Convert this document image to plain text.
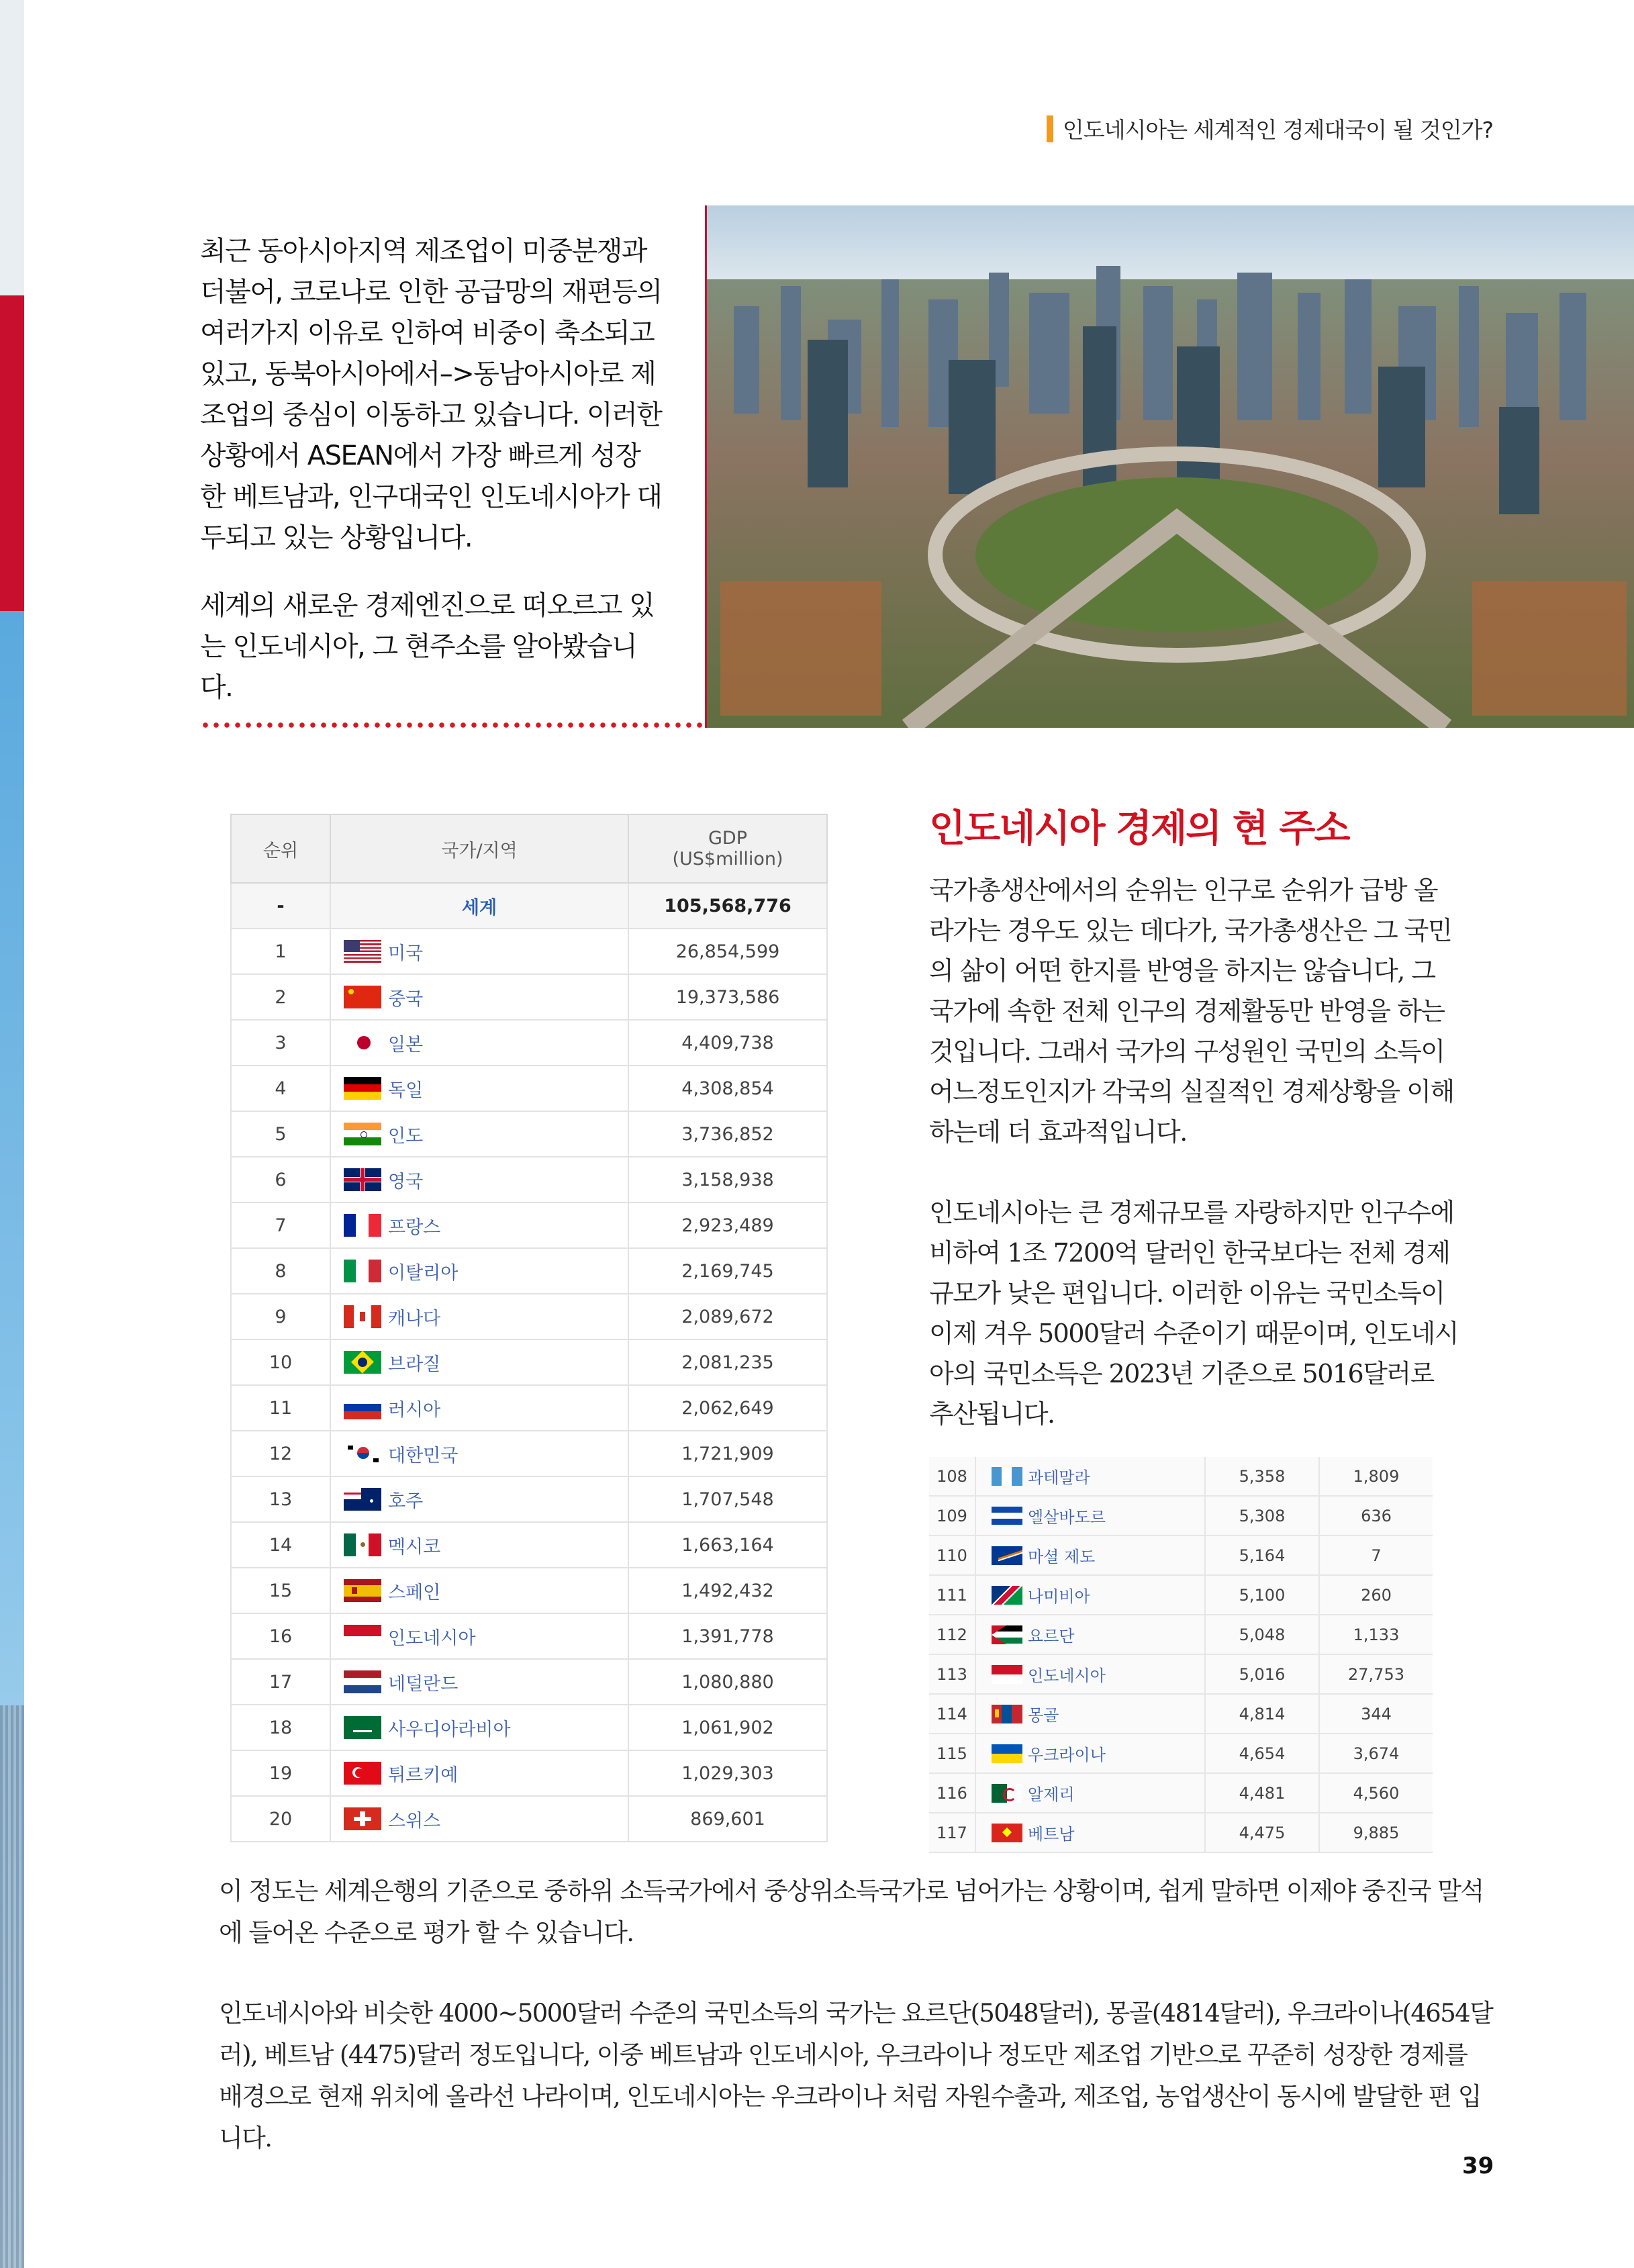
인도네시아는 세계적인 경제대국이 될 것인가?

최근 동아시아지역 제조업이 미중분쟁과 더불어, 코로나로 인한 공급망의 재편등의 여러가지 이유로 인하여 비중이 축소되고 있고, 동북아시아에서–>동남아시아로 제조업의 중심이 이동하고 있습니다. 이러한 상황에서 ASEAN에서 가장 빠르게 성장한 베트남과, 인구대국인 인도네시아가 대두되고 있는 상황입니다.

세계의 새로운 경제엔진으로 떠오르고 있는 인도네시아, 그 현주소를 알아봤습니다.

순위	국가/지역	GDP
(US$million)
-	세계	105,568,776
1	미국	26,854,599
2	중국	19,373,586
3	일본	4,409,738
4	독일	4,308,854
5	인도	3,736,852
6	영국	3,158,938
7	프랑스	2,923,489
8	이탈리아	2,169,745
9	캐나다	2,089,672
10	브라질	2,081,235
11	러시아	2,062,649
12	대한민국	1,721,909
13	호주	1,707,548
14	멕시코	1,663,164
15	스페인	1,492,432
16	인도네시아	1,391,778
17	네덜란드	1,080,880
18	사우디아라비아	1,061,902
19	튀르키예	1,029,303
20	스위스	869,601
인도네시아 경제의 현 주소

국가총생산에서의 순위는 인구로 순위가 급방 올라가는 경우도 있는 데다가, 국가총생산은 그 국민의 삶이 어떤 한지를 반영을 하지는 않습니다, 그 국가에 속한 전체 인구의 경제활동만 반영을 하는 것입니다. 그래서 국가의 구성원인 국민의 소득이 어느정도인지가 각국의 실질적인 경제상황을 이해하는데 더 효과적입니다.

인도네시아는 큰 경제규모를 자랑하지만 인구수에 비하여 1조 7200억 달러인 한국보다는 전체 경제 규모가 낮은 편입니다. 이러한 이유는 국민소득이 이제 겨우 5000달러 수준이기 때문이며, 인도네시아의 국민소득은 2023년 기준으로 5016달러로 추산됩니다.

108	과테말라	5,358	1,809
109	엘살바도르	5,308	636
110	마셜 제도	5,164	7
111	나미비아	5,100	260
112	요르단	5,048	1,133
113	인도네시아	5,016	27,753
114	몽골	4,814	344
115	우크라이나	4,654	3,674
116	알제리	4,481	4,560
117	베트남	4,475	9,885

이 정도는 세계은행의 기준으로 중하위 소득국가에서 중상위소득국가로 넘어가는 상황이며, 쉽게 말하면 이제야 중진국 말석에 들어온 수준으로 평가 할 수 있습니다.

인도네시아와 비슷한 4000~5000달러 수준의 국민소득의 국가는 요르단(5048달러), 몽골(4814달러), 우크라이나(4654달러), 베트남 (4475)달러 정도입니다, 이중 베트남과 인도네시아, 우크라이나 정도만 제조업 기반으로 꾸준히 성장한 경제를 배경으로 현재 위치에 올라선 나라이며, 인도네시아는 우크라이나 처럼 자원수출과, 제조업, 농업생산이 동시에 발달한 편 입니다.

39
